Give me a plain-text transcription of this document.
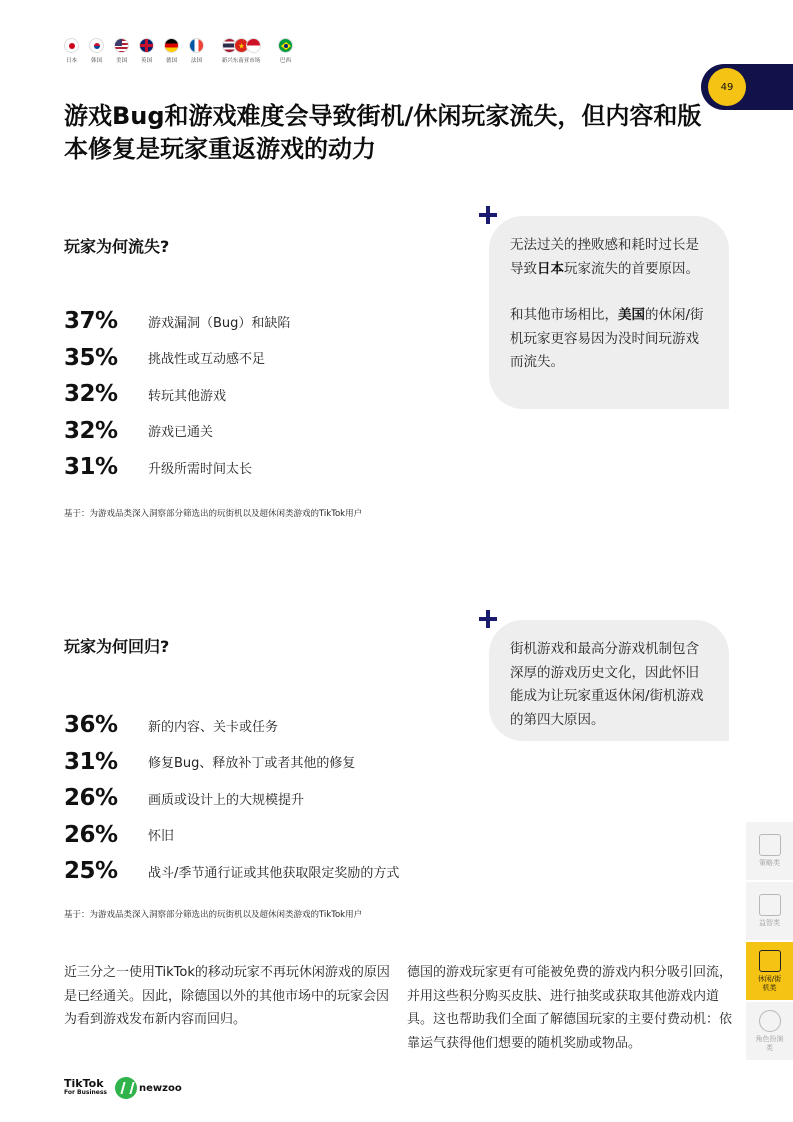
日本	韩国	美国	英国	德国	法国	新兴东南亚市场	巴西
49
游戏Bug和游戏难度会导致街机/休闲玩家流失，但内容和版本修复是玩家重返游戏的动力
玩家为何流失?
37%	游戏漏洞（Bug）和缺陷
35%	挑战性或互动感不足
32%	转玩其他游戏
32%	游戏已通关
31%	升级所需时间太长
基于：为游戏品类深入洞察部分筛选出的玩街机以及超休闲类游戏的TikTok用户

无法过关的挫败感和耗时过长是导致日本玩家流失的首要原因。

和其他市场相比，美国的休闲/街机玩家更容易因为没时间玩游戏而流失。

玩家为何回归?
36%	新的内容、关卡或任务
31%	修复Bug、释放补丁或者其他的修复
26%	画质或设计上的大规模提升
26%	怀旧
25%	战斗/季节通行证或其他获取限定奖励的方式
基于：为游戏品类深入洞察部分筛选出的玩街机以及超休闲类游戏的TikTok用户
街机游戏和最高分游戏机制包含深厚的游戏历史文化，因此怀旧能成为让玩家重返休闲/街机游戏的第四大原因。
近三分之一使用TikTok的移动玩家不再玩休闲游戏的原因是已经通关。因此，除德国以外的其他市场中的玩家会因为看到游戏发布新内容而回归。
德国的游戏玩家更有可能被免费的游戏内积分吸引回流，并用这些积分购买皮肤、进行抽奖或获取其他游戏内道具。这也帮助我们全面了解德国玩家的主要付费动机：依靠运气获得他们想要的随机奖励或物品。
策略类
益智类
休闲/街机类
角色扮演类
TikTok
For Business	newzoo
